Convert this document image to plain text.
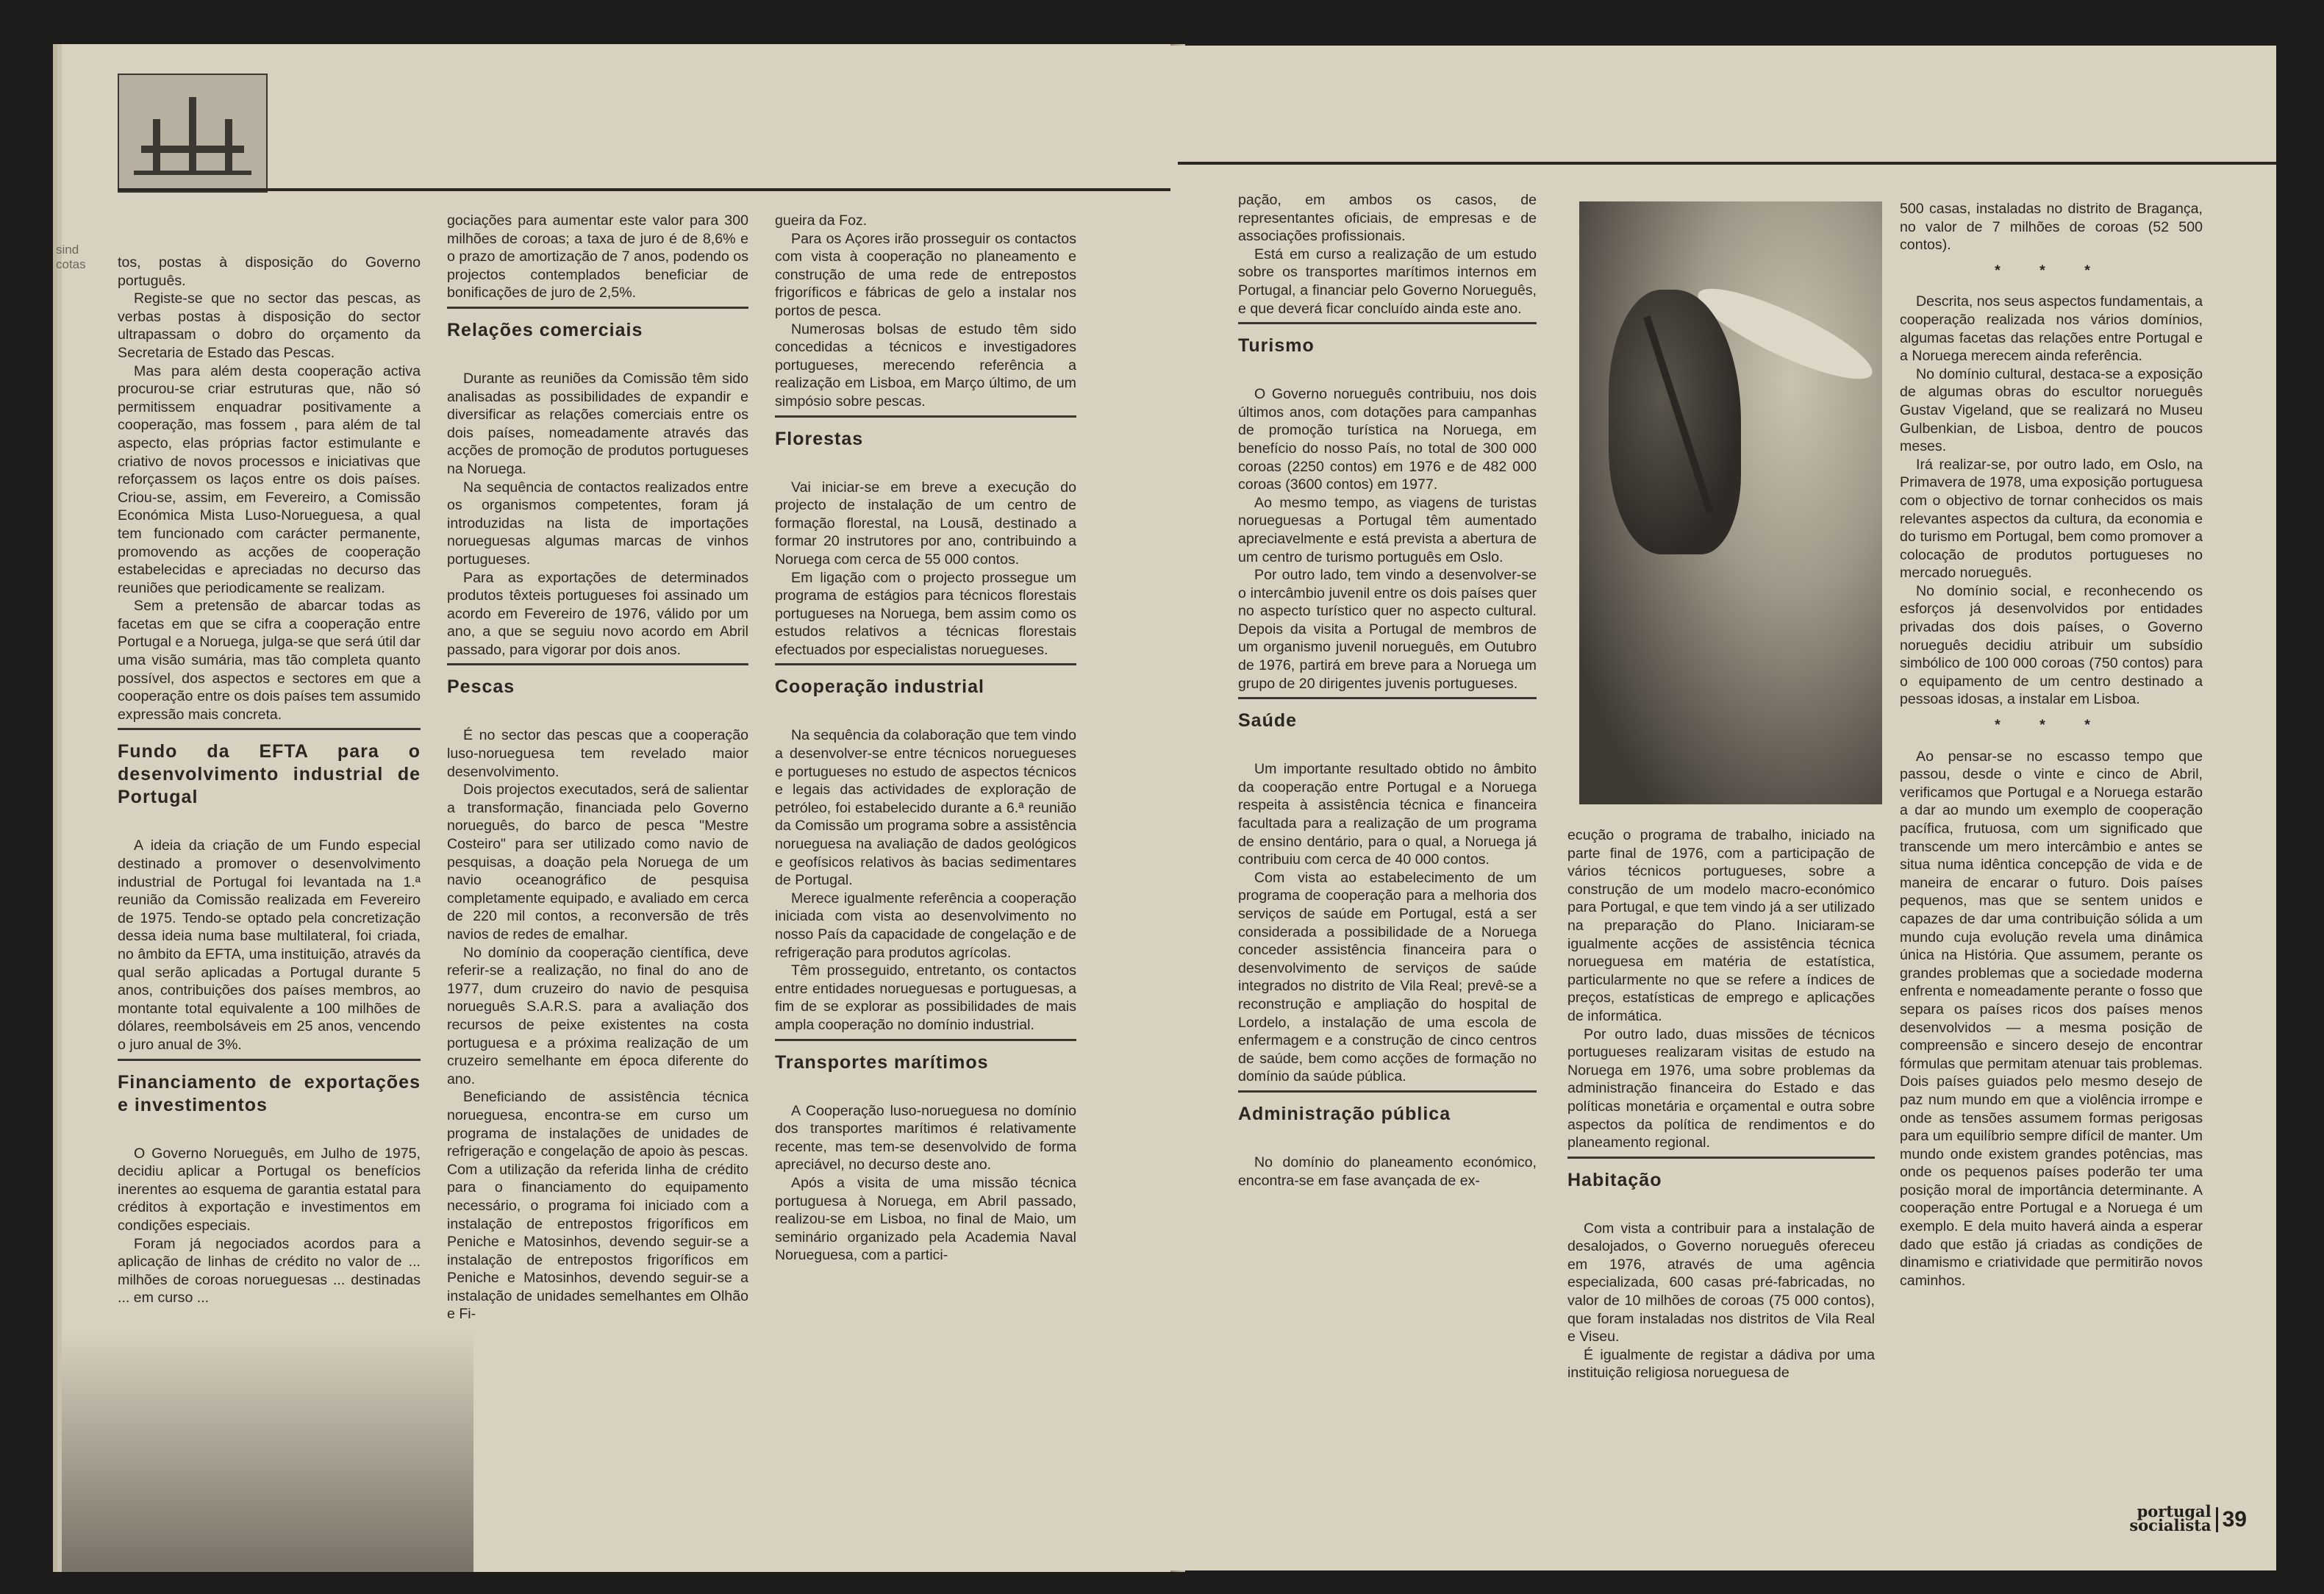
sind
cotas tos, postas à disposição do Governo português.

Registe-se que no sector das pescas, as verbas postas à disposição do sector ultrapassam o dobro do orçamento da Secretaria de Estado das Pescas.

Mas para além desta cooperação activa procurou-se criar estruturas que, não só permitissem enquadrar positivamente a cooperação, mas fossem , para além de tal aspecto, elas próprias factor estimulante e criativo de novos processos e iniciativas que reforçassem os laços entre os dois países. Criou-se, assim, em Fevereiro, a Comissão Económica Mista Luso-Norueguesa, a qual tem funcionado com carácter permanente, promovendo as acções de cooperação estabelecidas e apreciadas no decurso das reuniões que periodicamente se realizam.

Sem a pretensão de abarcar todas as facetas em que se cifra a cooperação entre Portugal e a Noruega, julga-se que será útil dar uma visão sumária, mas tão completa quanto possível, dos aspectos e sectores em que a cooperação entre os dois países tem assumido expressão mais concreta.

Fundo da EFTA para o desenvolvimento industrial de Portugal

A ideia da criação de um Fundo especial destinado a promover o desenvolvimento industrial de Portugal foi levantada na 1.ª reunião da Comissão realizada em Fevereiro de 1975. Tendo-se optado pela concretização dessa ideia numa base multilateral, foi criada, no âmbito da EFTA, uma instituição, através da qual serão aplicadas a Portugal durante 5 anos, contribuições dos países membros, ao montante total equivalente a 100 milhões de dólares, reembolsáveis em 25 anos, vencendo o juro anual de 3%.

Financiamento de exportações e investimentos

O Governo Norueguês, em Julho de 1975, decidiu aplicar a Portugal os benefícios inerentes ao esquema de garantia estatal para créditos à exportação e investimentos em condições especiais.

Foram já negociados acordos para a aplicação de linhas de crédito no valor de ... milhões de coroas norueguesas ... destinadas ... em curso ...

gociações para aumentar este valor para 300 milhões de coroas; a taxa de juro é de 8,6% e o prazo de amortização de 7 anos, podendo os projectos contemplados beneficiar de bonificações de juro de 2,5%.

Relações comerciais

Durante as reuniões da Comissão têm sido analisadas as possibilidades de expandir e diversificar as relações comerciais entre os dois países, nomeadamente através das acções de promoção de produtos portugueses na Noruega.

Na sequência de contactos realizados entre os organismos competentes, foram já introduzidas na lista de importações norueguesas algumas marcas de vinhos portugueses.

Para as exportações de determinados produtos têxteis portugueses foi assinado um acordo em Fevereiro de 1976, válido por um ano, a que se seguiu novo acordo em Abril passado, para vigorar por dois anos.

Pescas

É no sector das pescas que a cooperação luso-norueguesa tem revelado maior desenvolvimento.

Dois projectos executados, será de salientar a transformação, financiada pelo Governo norueguês, do barco de pesca "Mestre Costeiro" para ser utilizado como navio de pesquisas, a doação pela Noruega de um navio oceanográfico de pesquisa completamente equipado, e avaliado em cerca de 220 mil contos, a reconversão de três navios de redes de emalhar.

No domínio da cooperação científica, deve referir-se a realização, no final do ano de 1977, dum cruzeiro do navio de pesquisa norueguês S.A.R.S. para a avaliação dos recursos de peixe existentes na costa portuguesa e a próxima realização de um cruzeiro semelhante em época diferente do ano.

Beneficiando de assistência técnica norueguesa, encontra-se em curso um programa de instalações de unidades de refrigeração e congelação de apoio às pescas. Com a utilização da referida linha de crédito para o financiamento do equipamento necessário, o programa foi iniciado com a instalação de entrepostos frigoríficos em Peniche e Matosinhos, devendo seguir-se a instalação de entrepostos frigoríficos em Peniche e Matosinhos, devendo seguir-se a instalação de unidades semelhantes em Olhão e Fi-

gueira da Foz.

Para os Açores irão prosseguir os contactos com vista à cooperação no planeamento e construção de uma rede de entrepostos frigoríficos e fábricas de gelo a instalar nos portos de pesca.

Numerosas bolsas de estudo têm sido concedidas a técnicos e investigadores portugueses, merecendo referência a realização em Lisboa, em Março último, de um simpósio sobre pescas.

Florestas

Vai iniciar-se em breve a execução do projecto de instalação de um centro de formação florestal, na Lousã, destinado a formar 20 instrutores por ano, contribuindo a Noruega com cerca de 55 000 contos.

Em ligação com o projecto prossegue um programa de estágios para técnicos florestais portugueses na Noruega, bem assim como os estudos relativos a técnicas florestais efectuados por especialistas noruegueses.

Cooperação industrial

Na sequência da colaboração que tem vindo a desenvolver-se entre técnicos noruegueses e portugueses no estudo de aspectos técnicos e legais das actividades de exploração de petróleo, foi estabelecido durante a 6.ª reunião da Comissão um programa sobre a assistência norueguesa na avaliação de dados geológicos e geofísicos relativos às bacias sedimentares de Portugal.

Merece igualmente referência a cooperação iniciada com vista ao desenvolvimento no nosso País da capacidade de congelação e de refrigeração para produtos agrícolas.

Têm prosseguido, entretanto, os contactos entre entidades norueguesas e portuguesas, a fim de se explorar as possibilidades de mais ampla cooperação no domínio industrial.

Transportes marítimos

A Cooperação luso-norueguesa no domínio dos transportes marítimos é relativamente recente, mas tem-se desenvolvido de forma apreciável, no decurso deste ano.

Após a visita de uma missão técnica portuguesa à Noruega, em Abril passado, realizou-se em Lisboa, no final de Maio, um seminário organizado pela Academia Naval Norueguesa, com a partici-

pação, em ambos os casos, de representantes oficiais, de empresas e de associações profissionais.

Está em curso a realização de um estudo sobre os transportes marítimos internos em Portugal, a financiar pelo Governo Norueguês, e que deverá ficar concluído ainda este ano.

Turismo

O Governo norueguês contribuiu, nos dois últimos anos, com dotações para campanhas de promoção turística na Noruega, em benefício do nosso País, no total de 300 000 coroas (2250 contos) em 1976 e de 482 000 coroas (3600 contos) em 1977.

Ao mesmo tempo, as viagens de turistas norueguesas a Portugal têm aumentado apreciavelmente e está prevista a abertura de um centro de turismo português em Oslo.

Por outro lado, tem vindo a desenvolver-se o intercâmbio juvenil entre os dois países quer no aspecto turístico quer no aspecto cultural. Depois da visita a Portugal de membros de um organismo juvenil norueguês, em Outubro de 1976, partirá em breve para a Noruega um grupo de 20 dirigentes juvenis portugueses.

Saúde

Um importante resultado obtido no âmbito da cooperação entre Portugal e a Noruega respeita à assistência técnica e financeira facultada para a realização de um programa de ensino dentário, para o qual, a Noruega já contribuiu com cerca de 40 000 contos.

Com vista ao estabelecimento de um programa de cooperação para a melhoria dos serviços de saúde em Portugal, está a ser considerada a possibilidade de a Noruega conceder assistência financeira para o desenvolvimento de serviços de saúde integrados no distrito de Vila Real; prevê-se a reconstrução e ampliação do hospital de Lordelo, a instalação de uma escola de enfermagem e a construção de cinco centros de saúde, bem como acções de formação no domínio da saúde pública.

Administração pública

No domínio do planeamento económico, encontra-se em fase avançada de ex-

ecução o programa de trabalho, iniciado na parte final de 1976, com a participação de vários técnicos portugueses, sobre a construção de um modelo macro-económico para Portugal, e que tem vindo já a ser utilizado na preparação do Plano. Iniciaram-se igualmente acções de assistência técnica norueguesa em matéria de estatística, particularmente no que se refere a índices de preços, estatísticas de emprego e aplicações de informática.

Por outro lado, duas missões de técnicos portugueses realizaram visitas de estudo na Noruega em 1976, uma sobre problemas da administração financeira do Estado e das políticas monetária e orçamental e outra sobre aspectos da política de rendimentos e do planeamento regional.

Habitação

Com vista a contribuir para a instalação de desalojados, o Governo norueguês ofereceu em 1976, através de uma agência especializada, 600 casas pré-fabricadas, no valor de 10 milhões de coroas (75 000 contos), que foram instaladas nos distritos de Vila Real e Viseu.

É igualmente de registar a dádiva por uma instituição religiosa norueguesa de

500 casas, instaladas no distrito de Bragança, no valor de 7 milhões de coroas (52 500 contos).

* * *

Descrita, nos seus aspectos fundamentais, a cooperação realizada nos vários domínios, algumas facetas das relações entre Portugal e a Noruega merecem ainda referência.

No domínio cultural, destaca-se a exposição de algumas obras do escultor norueguês Gustav Vigeland, que se realizará no Museu Gulbenkian, de Lisboa, dentro de poucos meses.

Irá realizar-se, por outro lado, em Oslo, na Primavera de 1978, uma exposição portuguesa com o objectivo de tornar conhecidos os mais relevantes aspectos da cultura, da economia e do turismo em Portugal, bem como promover a colocação de produtos portugueses no mercado norueguês.

No domínio social, e reconhecendo os esforços já desenvolvidos por entidades privadas dos dois países, o Governo norueguês decidiu atribuir um subsídio simbólico de 100 000 coroas (750 contos) para o equipamento de um centro destinado a pessoas idosas, a instalar em Lisboa.

* * *

Ao pensar-se no escasso tempo que passou, desde o vinte e cinco de Abril, verificamos que Portugal e a Noruega estarão a dar ao mundo um exemplo de cooperação pacífica, frutuosa, com um significado que transcende um mero intercâmbio e antes se situa numa idêntica concepção de vida e de maneira de encarar o futuro. Dois países pequenos, mas que se sentem unidos e capazes de dar uma contribuição sólida a um mundo cuja evolução revela uma dinâmica única na História. Que assumem, perante os grandes problemas que a sociedade moderna enfrenta e nomeadamente perante o fosso que separa os países ricos dos países menos desenvolvidos — a mesma posição de compreensão e sincero desejo de encontrar fórmulas que permitam atenuar tais problemas. Dois países guiados pelo mesmo desejo de paz num mundo em que a violência irrompe e onde as tensões assumem formas perigosas para um equilíbrio sempre difícil de manter. Um mundo onde existem grandes potências, mas onde os pequenos países poderão ter uma posição moral de importância determinante. A cooperação entre Portugal e a Noruega é um exemplo. E dela muito haverá ainda a esperar dado que estão já criadas as condições de dinamismo e criatividade que permitirão novos caminhos.

portugal
socialista 39
